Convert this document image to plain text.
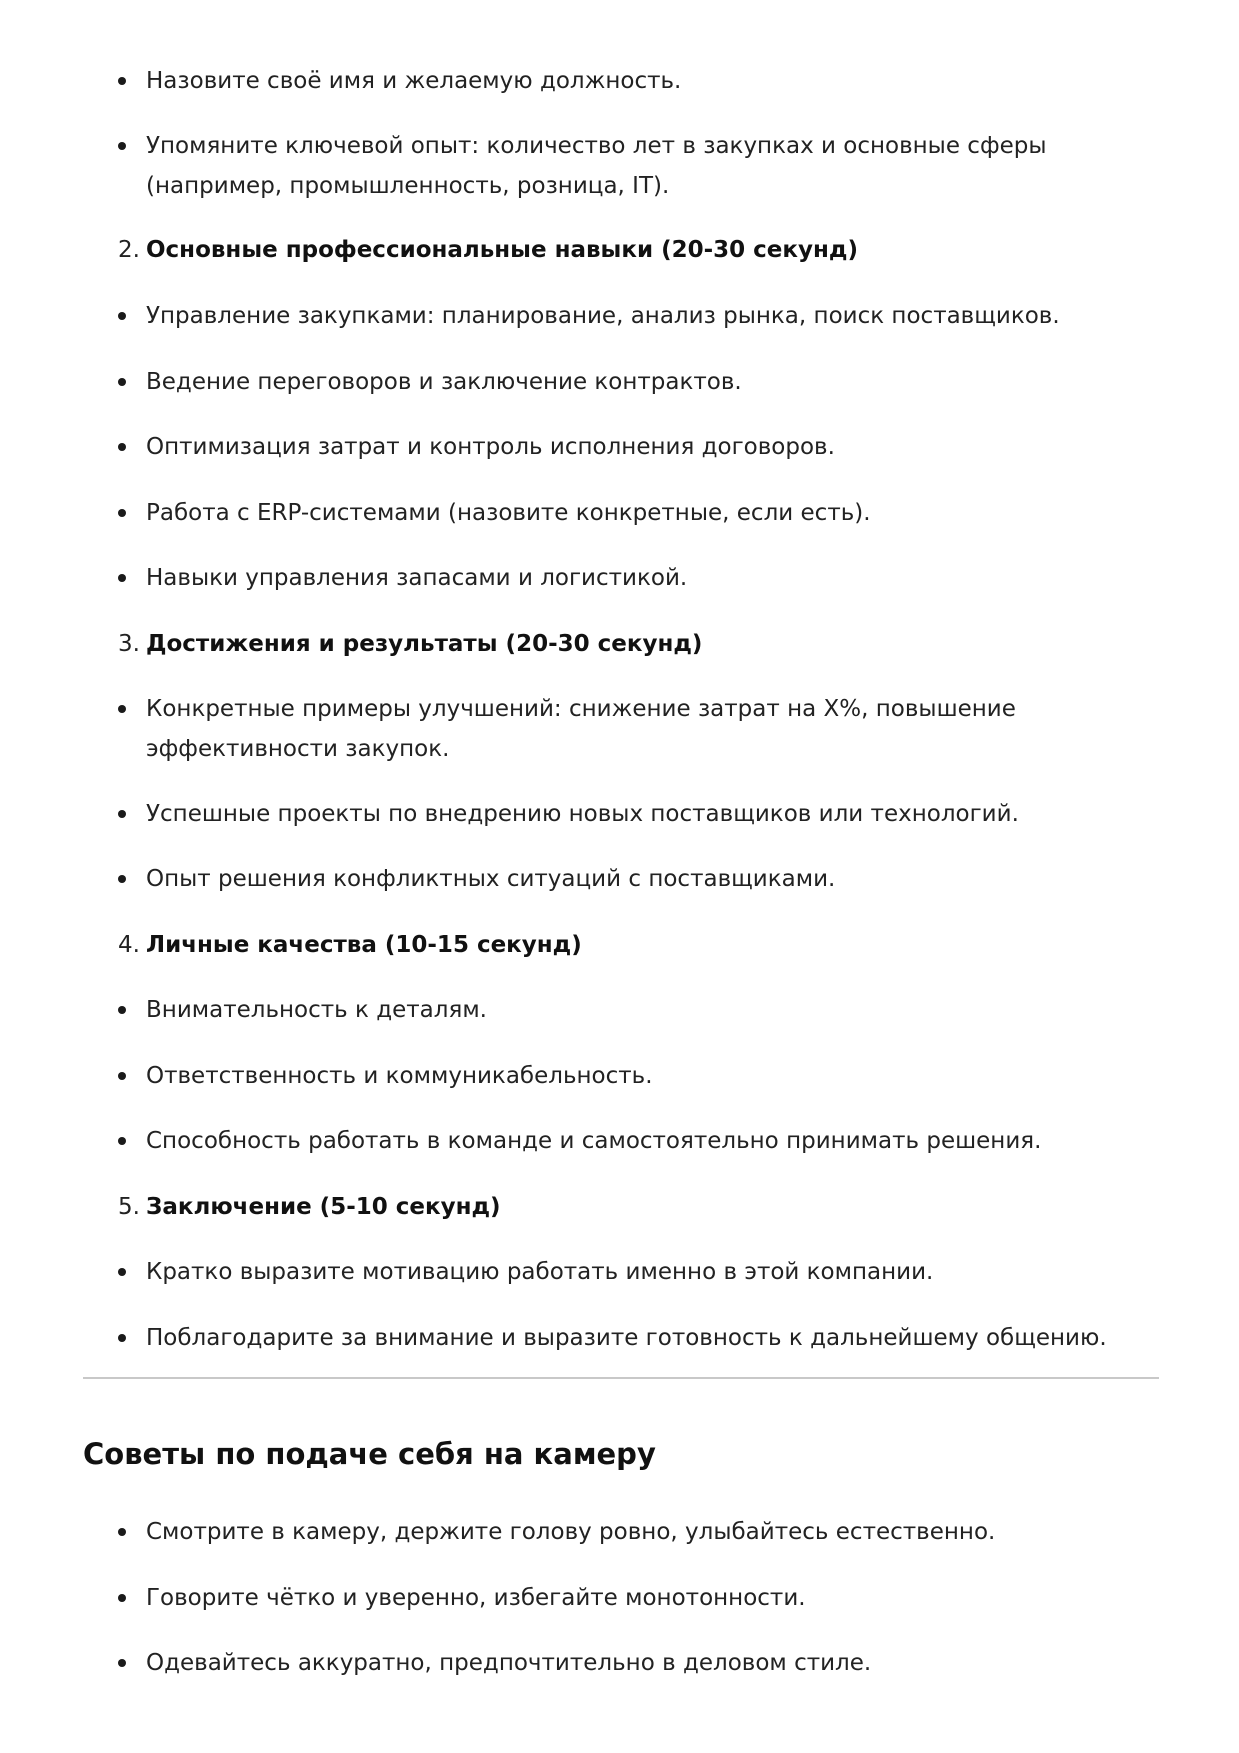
Назовите своё имя и желаемую должность.
Упомяните ключевой опыт: количество лет в закупках и основные сферы (например, промышленность, розница, IT).
2. Основные профессиональные навыки (20-30 секунд)
Управление закупками: планирование, анализ рынка, поиск поставщиков.
Ведение переговоров и заключение контрактов.
Оптимизация затрат и контроль исполнения договоров.
Работа с ERP-системами (назовите конкретные, если есть).
Навыки управления запасами и логистикой.
3. Достижения и результаты (20-30 секунд)
Конкретные примеры улучшений: снижение затрат на X%, повышение эффективности закупок.
Успешные проекты по внедрению новых поставщиков или технологий.
Опыт решения конфликтных ситуаций с поставщиками.
4. Личные качества (10-15 секунд)
Внимательность к деталям.
Ответственность и коммуникабельность.
Способность работать в команде и самостоятельно принимать решения.
5. Заключение (5-10 секунд)
Кратко выразите мотивацию работать именно в этой компании.
Поблагодарите за внимание и выразите готовность к дальнейшему общению.
Советы по подаче себя на камеру
Смотрите в камеру, держите голову ровно, улыбайтесь естественно.
Говорите чётко и уверенно, избегайте монотонности.
Одевайтесь аккуратно, предпочтительно в деловом стиле.
